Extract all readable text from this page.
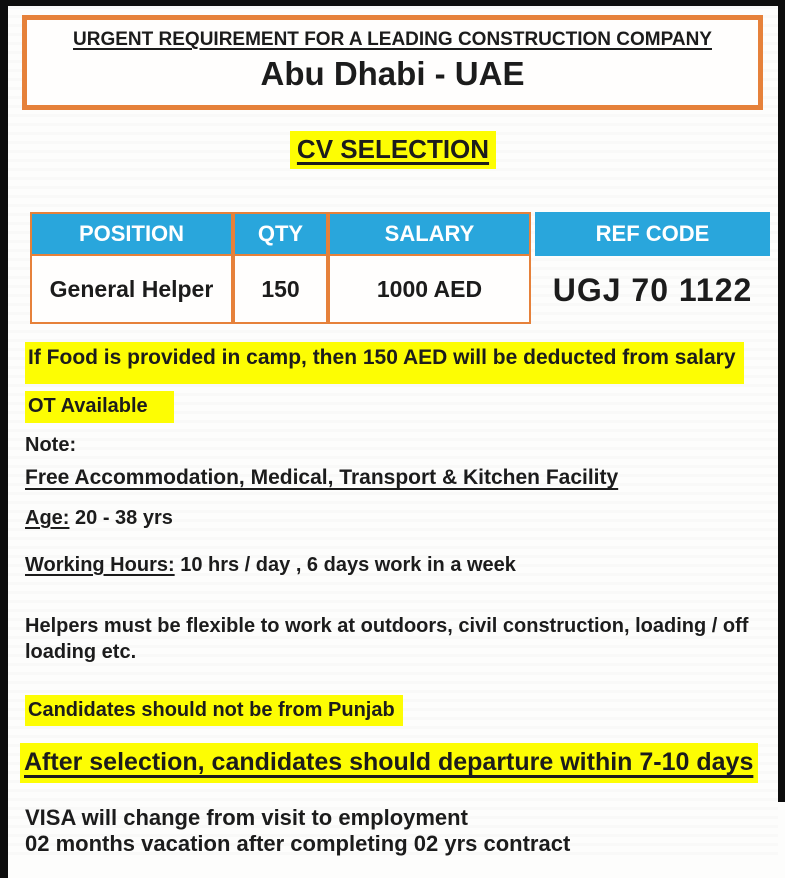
URGENT REQUIREMENT FOR A LEADING CONSTRUCTION COMPANY
Abu Dhabi - UAE
CV SELECTION
POSITION	QTY	SALARY	REF CODE
General Helper	150	1000 AED	UGJ 70 1122
If Food is provided in camp, then 150 AED will be deducted from salary
OT Available
Note:
Free Accommodation, Medical, Transport & Kitchen Facility
Age: 20 - 38 yrs
Working Hours: 10 hrs / day , 6 days work in a week
Helpers must be flexible to work at outdoors, civil construction, loading / off loading etc.
Candidates should not be from Punjab
After selection, candidates should departure within 7-10 days
VISA will change from visit to employment
02 months vacation after completing 02 yrs contract
